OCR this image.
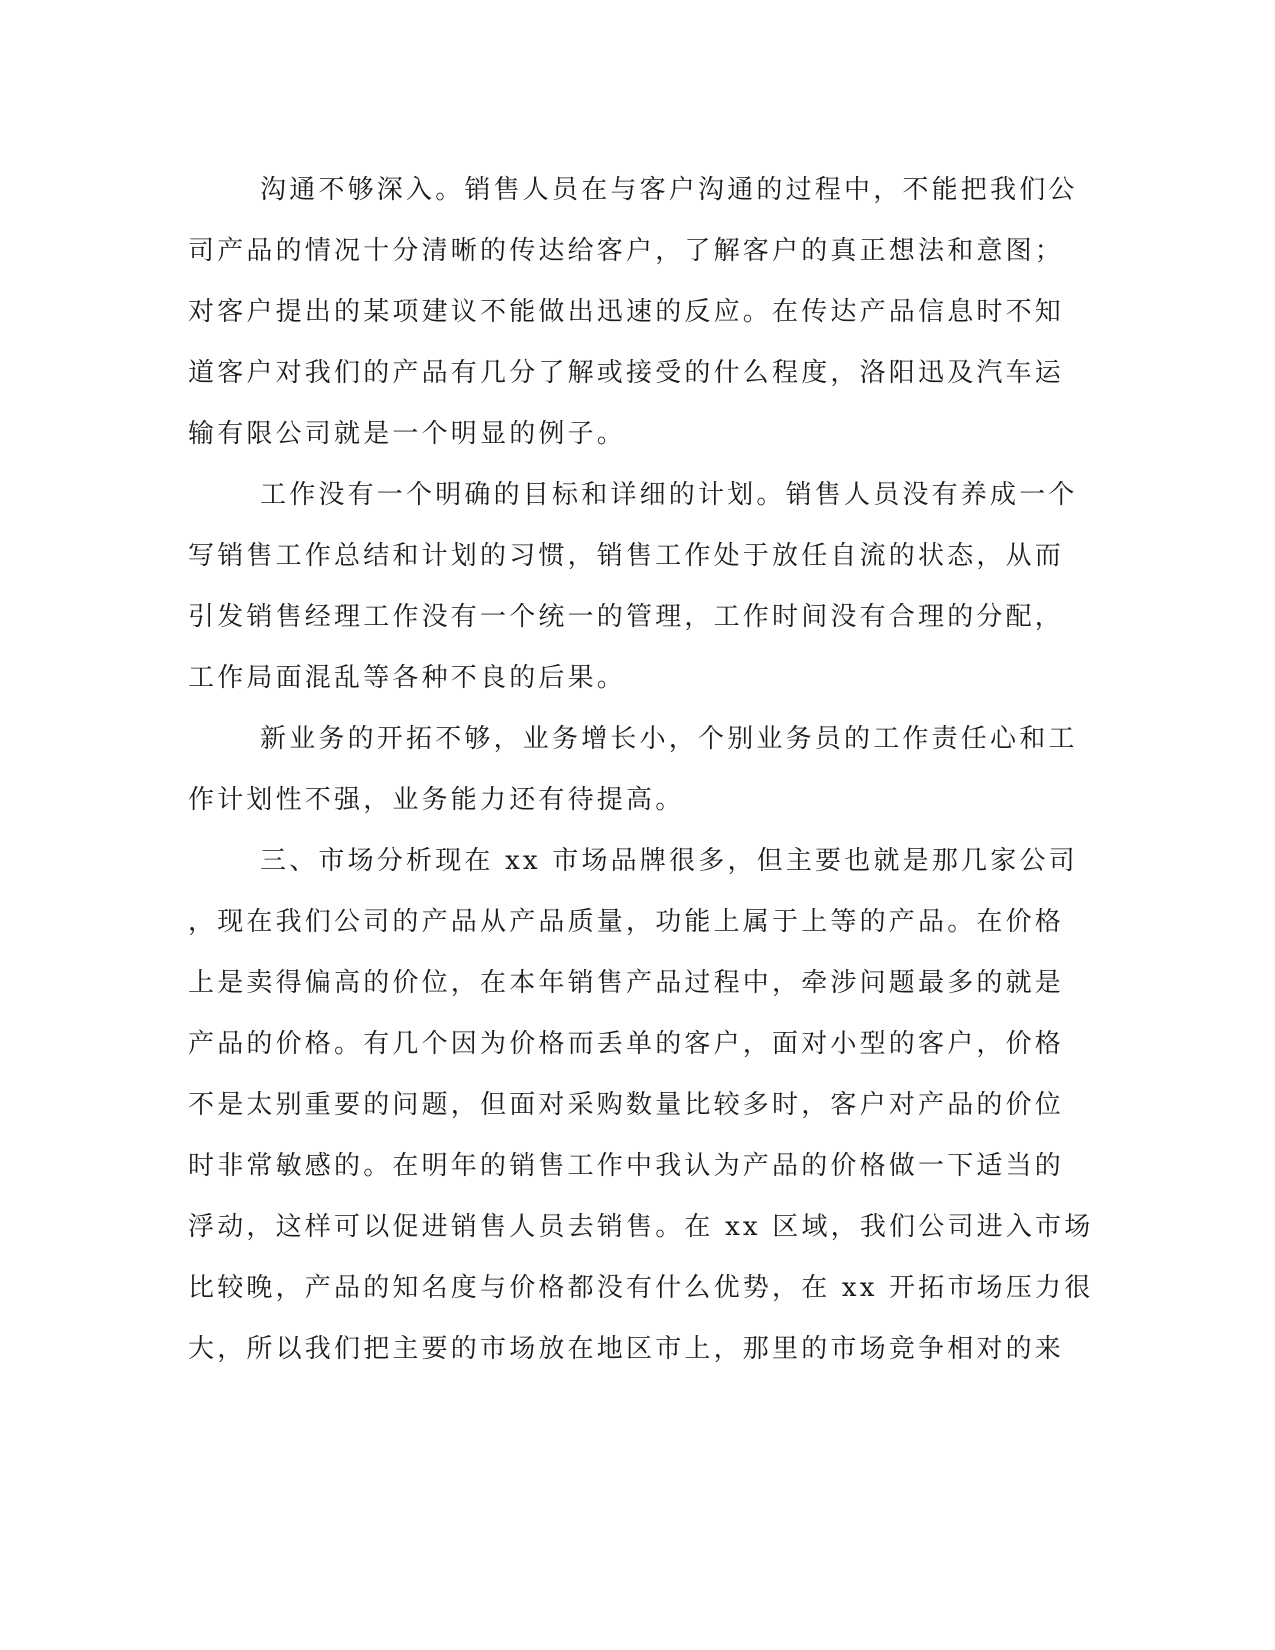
沟通不够深入。销售人员在与客户沟通的过程中，不能把我们公
司产品的情况十分清晰的传达给客户，了解客户的真正想法和意图；
对客户提出的某项建议不能做出迅速的反应。在传达产品信息时不知
道客户对我们的产品有几分了解或接受的什么程度，洛阳迅及汽车运
输有限公司就是一个明显的例子。
工作没有一个明确的目标和详细的计划。销售人员没有养成一个
写销售工作总结和计划的习惯，销售工作处于放任自流的状态，从而
引发销售经理工作没有一个统一的管理，工作时间没有合理的分配，
工作局面混乱等各种不良的后果。
新业务的开拓不够，业务增长小，个别业务员的工作责任心和工
作计划性不强，业务能力还有待提高。
三、市场分析现在 xx 市场品牌很多，但主要也就是那几家公司
，现在我们公司的产品从产品质量，功能上属于上等的产品。在价格
上是卖得偏高的价位，在本年销售产品过程中，牵涉问题最多的就是
产品的价格。有几个因为价格而丢单的客户，面对小型的客户，价格
不是太别重要的问题，但面对采购数量比较多时，客户对产品的价位
时非常敏感的。在明年的销售工作中我认为产品的价格做一下适当的
浮动，这样可以促进销售人员去销售。在 xx 区域，我们公司进入市场
比较晚，产品的知名度与价格都没有什么优势，在 xx 开拓市场压力很
大，所以我们把主要的市场放在地区市上，那里的市场竞争相对的来
